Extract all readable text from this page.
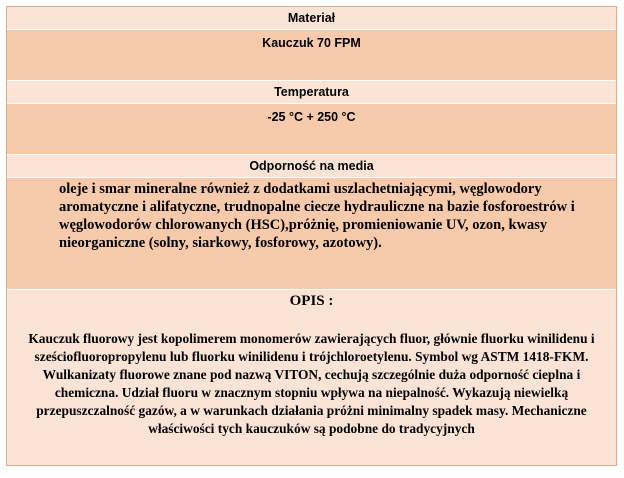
Materiał
Kauczuk 70 FPM
Temperatura
-25 °C + 250 °C
Odporność na media
oleje i smar mineralne również z dodatkami uszlachetniającymi, węglowodory aromatyczne i alifatyczne, trudnopalne ciecze hydrauliczne na bazie fosforoestrów i węglowodorów chlorowanych (HSC),próżnię, promieniowanie UV, ozon, kwasy nieorganiczne (solny, siarkowy, fosforowy, azotowy).
OPIS :
Kauczuk fluorowy jest kopolimerem monomerów zawierających fluor, głównie fluorku winilidenu i sześciofluoropropylenu lub fluorku winilidenu i trójchloroetylenu. Symbol wg ASTM 1418-FKM. Wulkanizaty fluorowe znane pod nazwą VITON, cechują szczególnie duża odporność cieplna i chemiczna. Udział fluoru w znacznym stopniu wpływa na niepalność. Wykazują niewielką przepuszczalność gazów, a w warunkach działania próżni minimalny spadek masy. Mechaniczne właściwości tych kauczuków są podobne do tradycyjnych
